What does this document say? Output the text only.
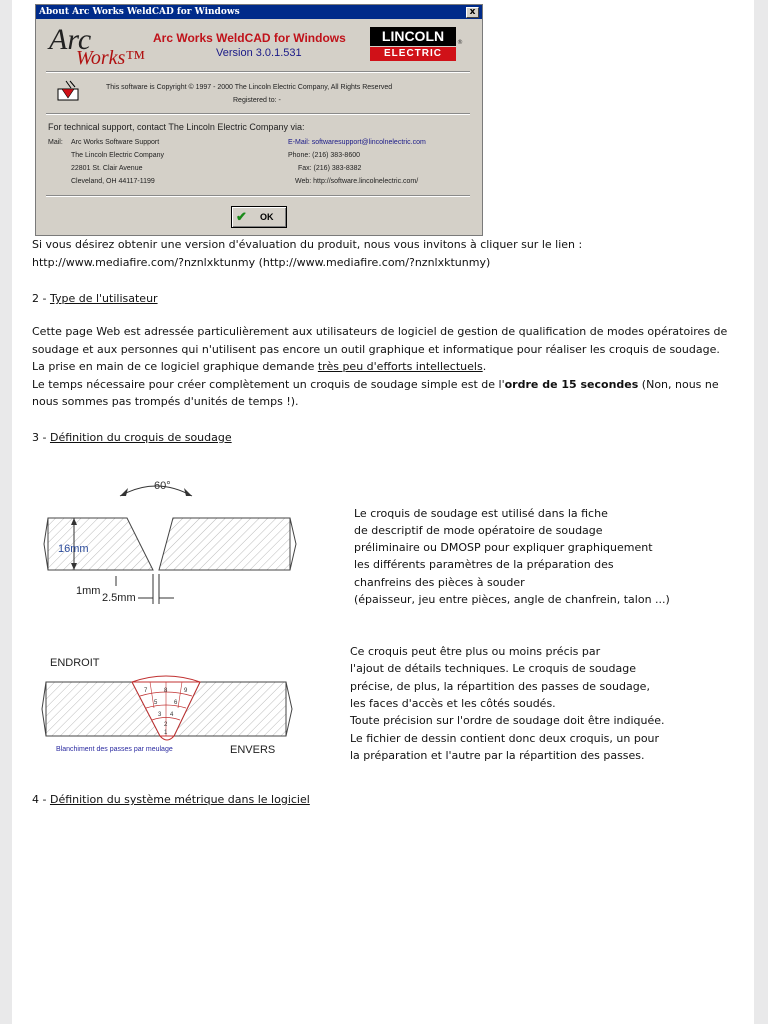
About Arc Works WeldCAD for Windows	x
Arc
Works™
Arc Works WeldCAD for Windows
Version 3.0.1.531
LINCOLN
ELECTRIC
®
This software is Copyright © 1997 - 2000 The Lincoln Electric Company, All Rights Reserved
Registered to: -
For technical support, contact The Lincoln Electric Company via:
Mail: Arc Works Software Support
The Lincoln Electric Company
22801 St. Clair Avenue
Cleveland, OH 44117-1199
E-Mail: softwaresupport@lincolnelectric.com
Phone: (216) 383-8600
Fax: (216) 383-8382
Web: http://software.lincolnelectric.com/
✔ OK
Si vous désirez obtenir une version d'évaluation du produit, nous vous invitons à cliquer sur le lien :
http://www.mediafire.com/?nznlxktunmy (http://www.mediafire.com/?nznlxktunmy)
2 - Type de l'utilisateur
Cette page Web est adressée particulièrement aux utilisateurs de logiciel de gestion de qualification de modes opératoires de
soudage et aux personnes qui n'utilisent pas encore un outil graphique et informatique pour réaliser les croquis de soudage.
La prise en main de ce logiciel graphique demande très peu d'efforts intellectuels.
Le temps nécessaire pour créer complètement un croquis de soudage simple est de l'ordre de 15 secondes (Non, nous ne
nous sommes pas trompés d'unités de temps !).
3 - Définition du croquis de soudage
60°
16mm
1mm
2.5mm
Le croquis de soudage est utilisé dans la fiche
de descriptif de mode opératoire de soudage
préliminaire ou DMOSP pour expliquer graphiquement
les différents paramètres de la préparation des
chanfreins des pièces à souder
(épaisseur, jeu entre pièces, angle de chanfrein, talon ...)
ENDROIT
1
2
3 4
5	6
7	8	9
Blanchiment des passes par meulage	ENVERS
Ce croquis peut être plus ou moins précis par
l'ajout de détails techniques. Le croquis de soudage
précise, de plus, la répartition des passes de soudage,
les faces d'accès et les côtés soudés.
Toute précision sur l'ordre de soudage doit être indiquée.
Le fichier de dessin contient donc deux croquis, un pour
la préparation et l'autre par la répartition des passes.
4 - Définition du système métrique dans le logiciel
